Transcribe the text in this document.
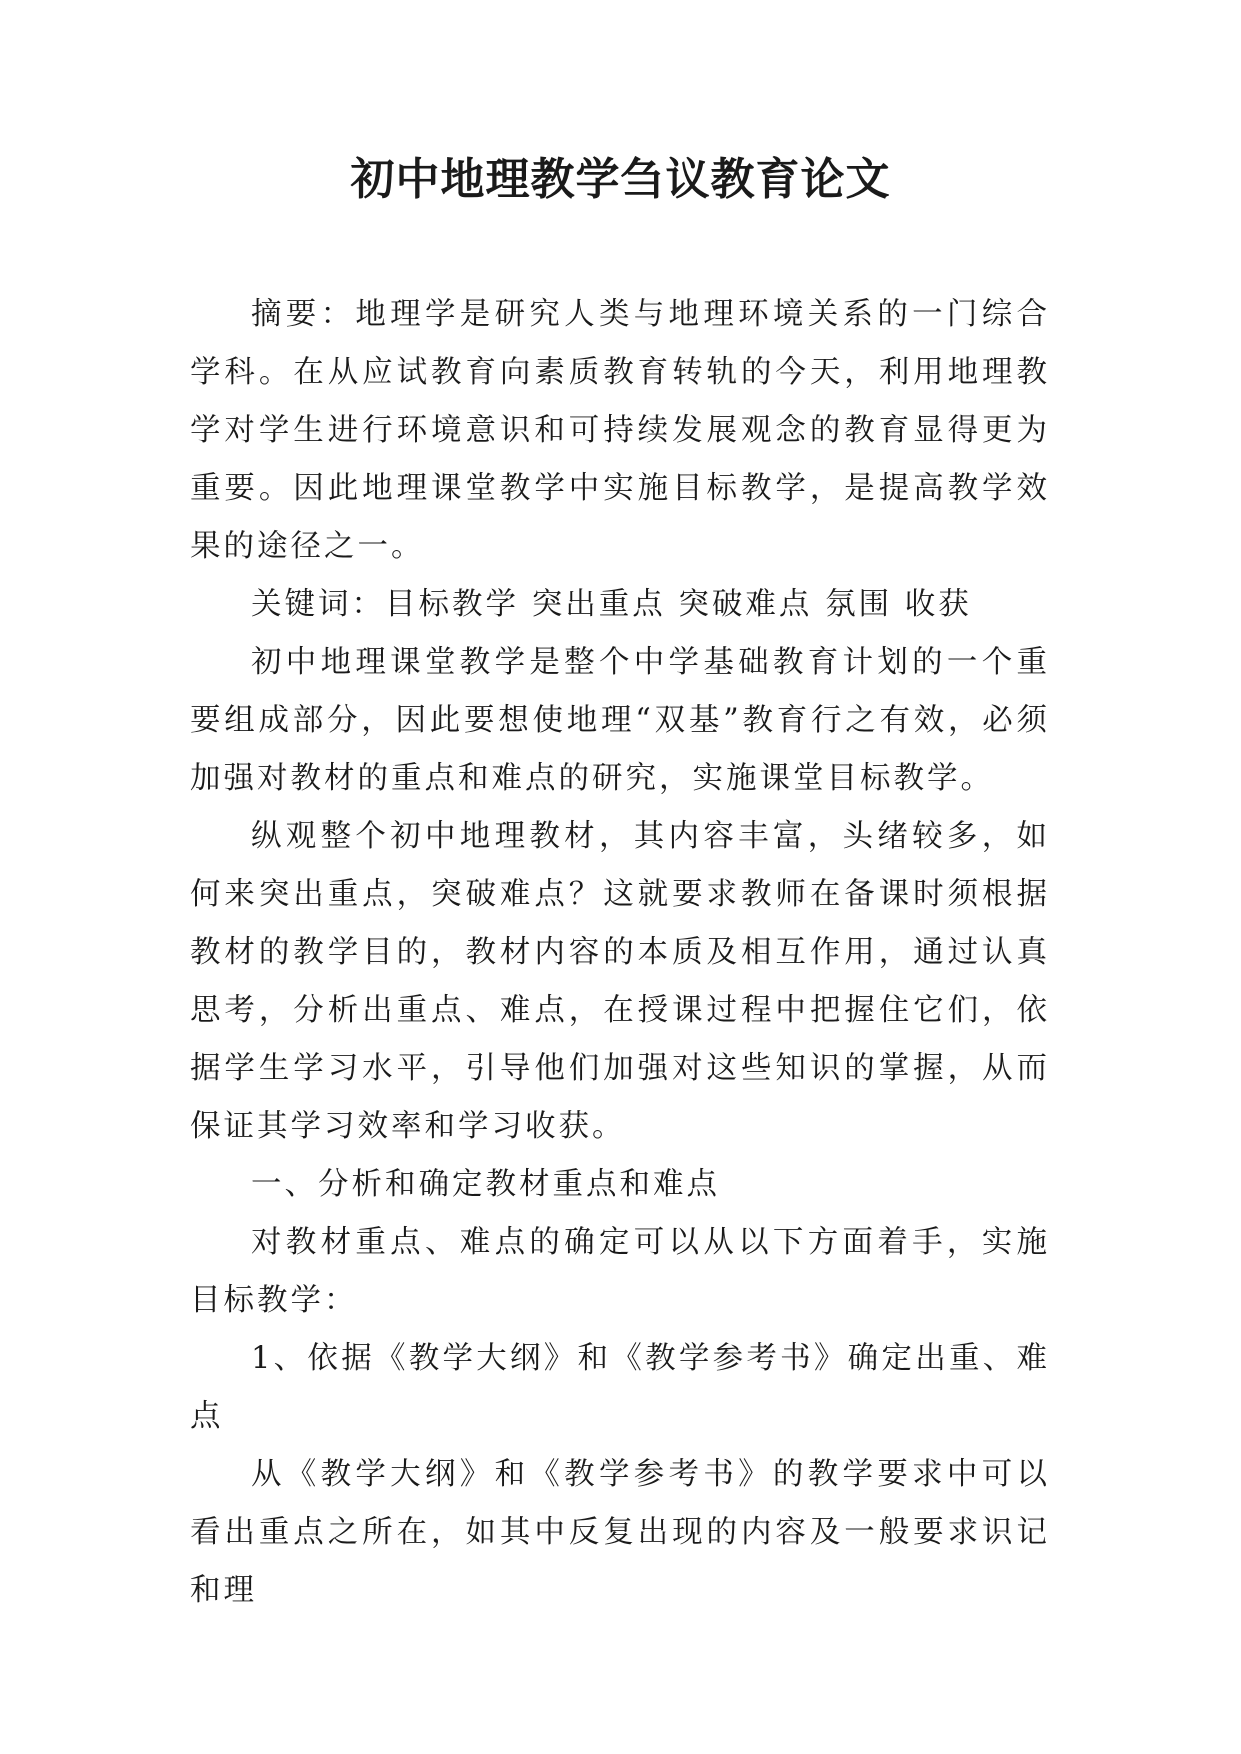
初中地理教学刍议教育论文

摘要：地理学是研究人类与地理环境关系的一门综合学科。在从应试教育向素质教育转轨的今天，利用地理教学对学生进行环境意识和可持续发展观念的教育显得更为重要。因此地理课堂教学中实施目标教学，是提高教学效果的途径之一。

关键词：目标教学 突出重点 突破难点 氛围 收获

初中地理课堂教学是整个中学基础教育计划的一个重要组成部分，因此要想使地理“双基”教育行之有效，必须加强对教材的重点和难点的研究，实施课堂目标教学。

纵观整个初中地理教材，其内容丰富，头绪较多，如何来突出重点，突破难点？这就要求教师在备课时须根据教材的教学目的，教材内容的本质及相互作用，通过认真思考，分析出重点、难点，在授课过程中把握住它们，依据学生学习水平，引导他们加强对这些知识的掌握，从而保证其学习效率和学习收获。

一、分析和确定教材重点和难点

对教材重点、难点的确定可以从以下方面着手，实施目标教学：

1、依据《教学大纲》和《教学参考书》确定出重、难点

从《教学大纲》和《教学参考书》的教学要求中可以看出重点之所在，如其中反复出现的内容及一般要求识记和理
